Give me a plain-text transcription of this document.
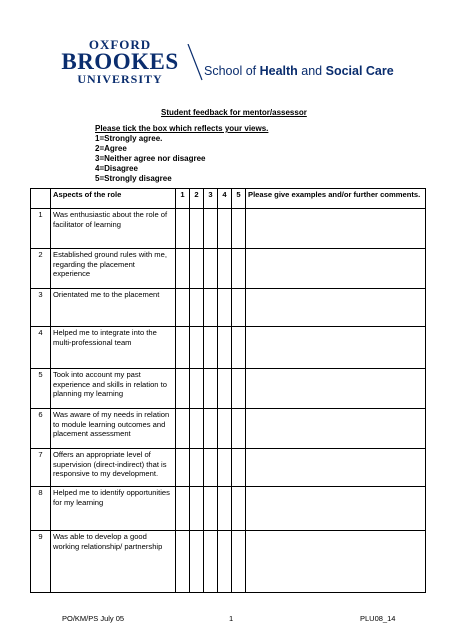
OXFORD
BROOKES
UNIVERSITY
School of Health and Social Care
Student feedback for mentor/assessor
Please tick the box which reflects your views.
1=Strongly agree.
2=Agree
3=Neither agree nor disagree
4=Disagree
5=Strongly disagree
	Aspects of the role	1	2	3	4	5	Please give examples and/or further comments.
1	Was enthusiastic about the role of facilitator of learning						
2	Established ground rules with me, regarding the placement experience						
3	Orientated me to the placement						
4	Helped me to integrate into the multi-professional team						
5	Took into account my past experience and skills in relation to planning my learning						
6	Was aware of my needs in relation to module learning outcomes and placement assessment						
7	Offers an appropriate level of supervision (direct-indirect) that is responsive to my development.						
8	Helped me to identify opportunities for my learning						
9	Was able to develop a good working relationship/ partnership						
PO/KM/PS July 05	1	PLU08_14
